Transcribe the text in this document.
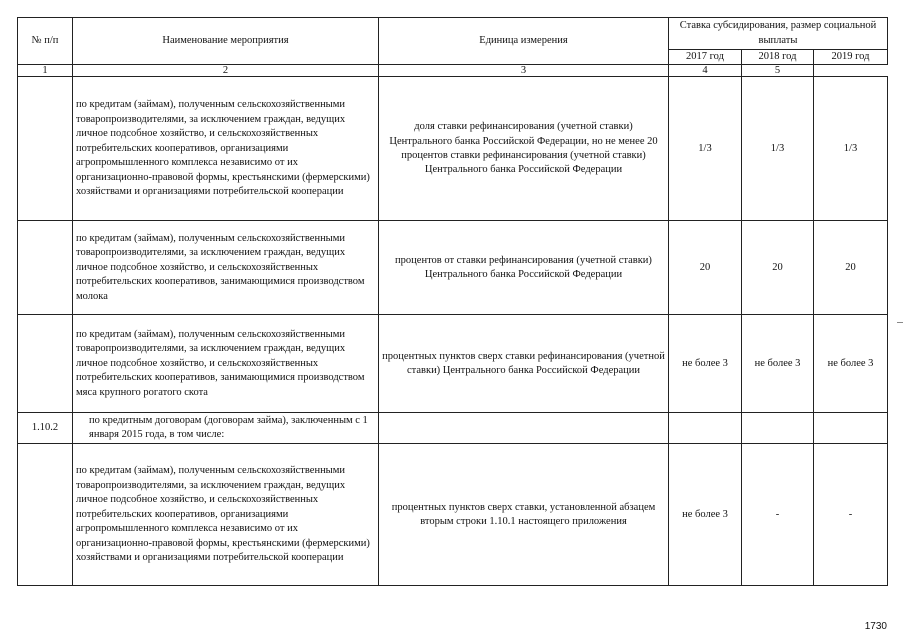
№ п/п	Наименование мероприятия	Единица измерения	Ставка субсидирования, размер социальной выплаты		
			2017 год	2018 год	2019 год
1	2	3	4	5	
	по кредитам (займам), полученным сельскохозяйственными товаропроизводителями, за исключением граждан, ведущих личное подсобное хозяйство, и сельскохозяйственных потребительских кооперативов, организациями агропромышленного комплекса независимо от их организационно-правовой формы, крестьянскими (фермерскими) хозяйствами и организациями потребительской кооперации	доля ставки рефинансирования (учетной ставки) Центрального банка Российской Федерации, но не менее 20 процентов ставки рефинансирования (учетной ставки) Центрального банка Российской Федерации	1/3	1/3	1/3
	по кредитам (займам), полученным сельскохозяйственными товаропроизводителями, за исключением граждан, ведущих личное подсобное хозяйство, и сельскохозяйственных потребительских кооперативов, занимающимися производством молока	процентов от ставки рефинансирования (учетной ставки) Центрального банка Российской Федерации	20	20	20
	по кредитам (займам), полученным сельскохозяйственными товаропроизводителями, за исключением граждан, ведущих личное подсобное хозяйство, и сельскохозяйственных потребительских кооперативов, занимающимися производством мяса крупного рогатого скота	процентных пунктов сверх ставки рефинансирования (учетной ставки) Центрального банка Российской Федерации	не более 3	не более 3	не более 3
1.10.2	по кредитным договорам (договорам займа), заключенным с 1 января 2015 года, в том числе:				
	по кредитам (займам), полученным сельскохозяйственными товаропроизводителями, за исключением граждан, ведущих личное подсобное хозяйство, и сельскохозяйственных потребительских кооперативов, организациями агропромышленного комплекса независимо от их организационно-правовой формы, крестьянскими (фермерскими) хозяйствами и организациями потребительской кооперации	процентных пунктов сверх ставки, установленной абзацем вторым строки 1.10.1 настоящего приложения	не более 3	-	-
1730
